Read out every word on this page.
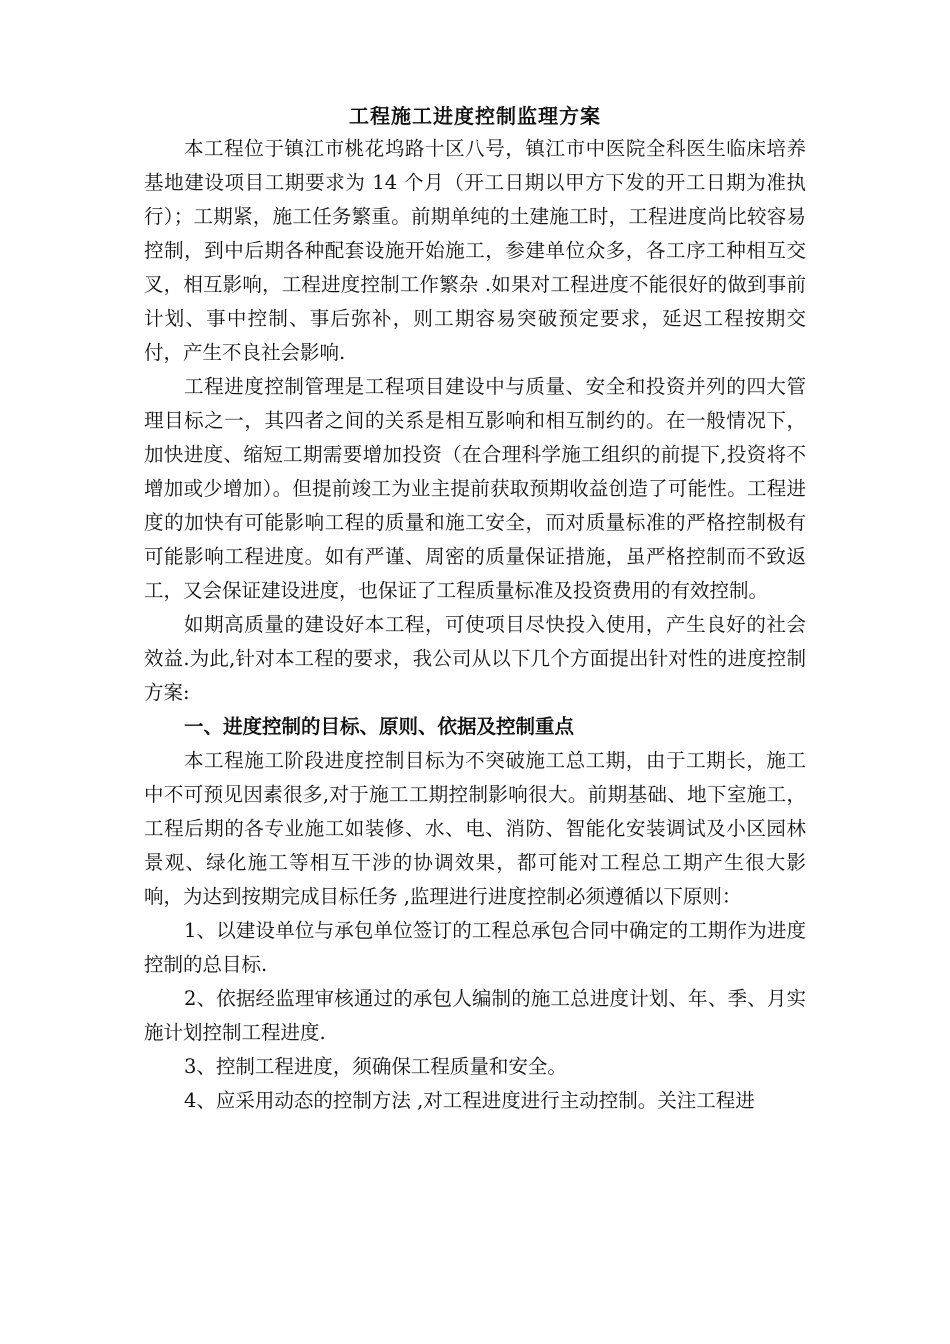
工程施工进度控制监理方案

本工程位于镇江市桃花坞路十区八号，镇江市中医院全科医生临床培养基地建设项目工期要求为 14 个月（开工日期以甲方下发的开工日期为准执行）；工期紧，施工任务繁重。前期单纯的土建施工时，工程进度尚比较容易控制，到中后期各种配套设施开始施工，参建单位众多，各工序工种相互交叉，相互影响，工程进度控制工作繁杂 .如果对工程进度不能很好的做到事前计划、事中控制、事后弥补，则工期容易突破预定要求，延迟工程按期交付，产生不良社会影响.

工程进度控制管理是工程项目建设中与质量、安全和投资并列的四大管理目标之一，其四者之间的关系是相互影响和相互制约的。在一般情况下，加快进度、缩短工期需要增加投资（在合理科学施工组织的前提下,投资将不增加或少增加）。但提前竣工为业主提前获取预期收益创造了可能性。工程进度的加快有可能影响工程的质量和施工安全，而对质量标准的严格控制极有可能影响工程进度。如有严谨、周密的质量保证措施，虽严格控制而不致返工，又会保证建设进度，也保证了工程质量标准及投资费用的有效控制。

如期高质量的建设好本工程，可使项目尽快投入使用，产生良好的社会效益.为此,针对本工程的要求，我公司从以下几个方面提出针对性的进度控制方案:

一、进度控制的目标、原则、依据及控制重点

本工程施工阶段进度控制目标为不突破施工总工期，由于工期长，施工中不可预见因素很多,对于施工工期控制影响很大。前期基础、地下室施工，工程后期的各专业施工如装修、水、电、消防、智能化安装调试及小区园林景观、绿化施工等相互干涉的协调效果，都可能对工程总工期产生很大影响，为达到按期完成目标任务 ,监理进行进度控制必须遵循以下原则：

1、以建设单位与承包单位签订的工程总承包合同中确定的工期作为进度控制的总目标.

2、依据经监理审核通过的承包人编制的施工总进度计划、年、季、月实施计划控制工程进度.

3、控制工程进度，须确保工程质量和安全。

4、应采用动态的控制方法 ,对工程进度进行主动控制。关注工程进
